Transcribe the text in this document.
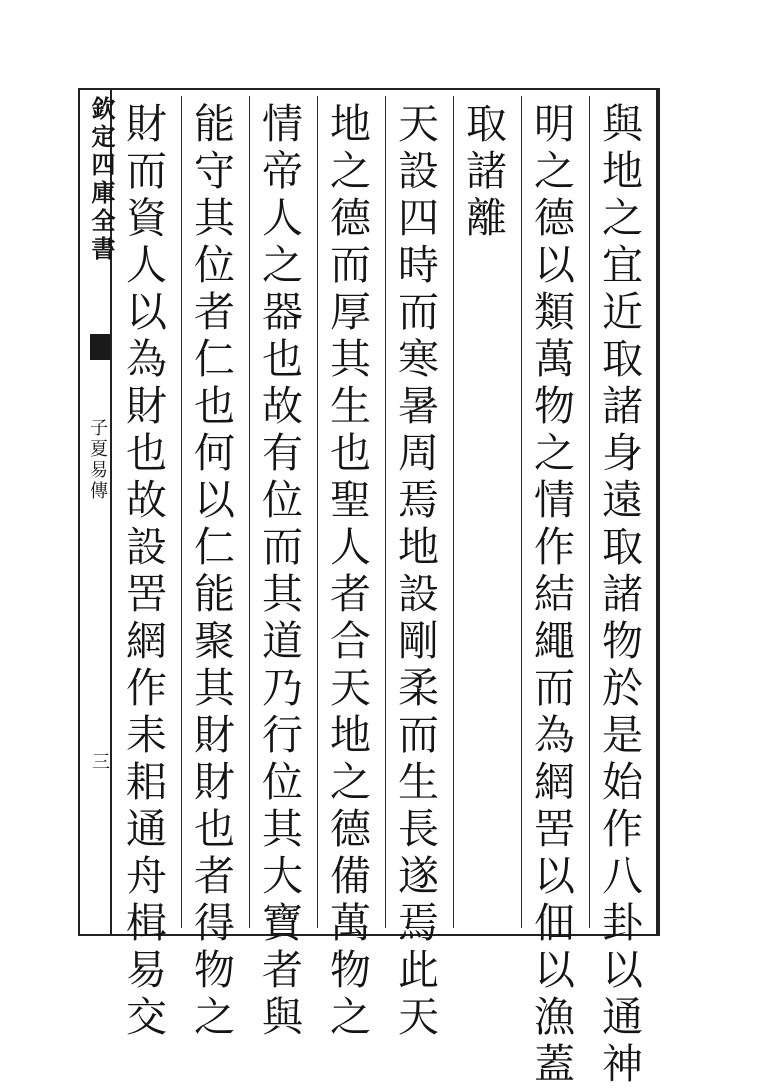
欽定四庫全書
子夏易傳
三	與地之宜近取諸身遠取諸物於是始作八卦以通神
明之德以類萬物之情作結繩而為網罟以佃以漁蓋
取諸離
天設四時而寒暑周焉地設剛柔而生長遂焉此天
地之德而厚其生也聖人者合天地之德備萬物之
情帝人之器也故有位而其道乃行位其大寶者與
能守其位者仁也何以仁能聚其財財也者得物之
財而資人以為財也故設罟網作耒耜通舟楫易交
